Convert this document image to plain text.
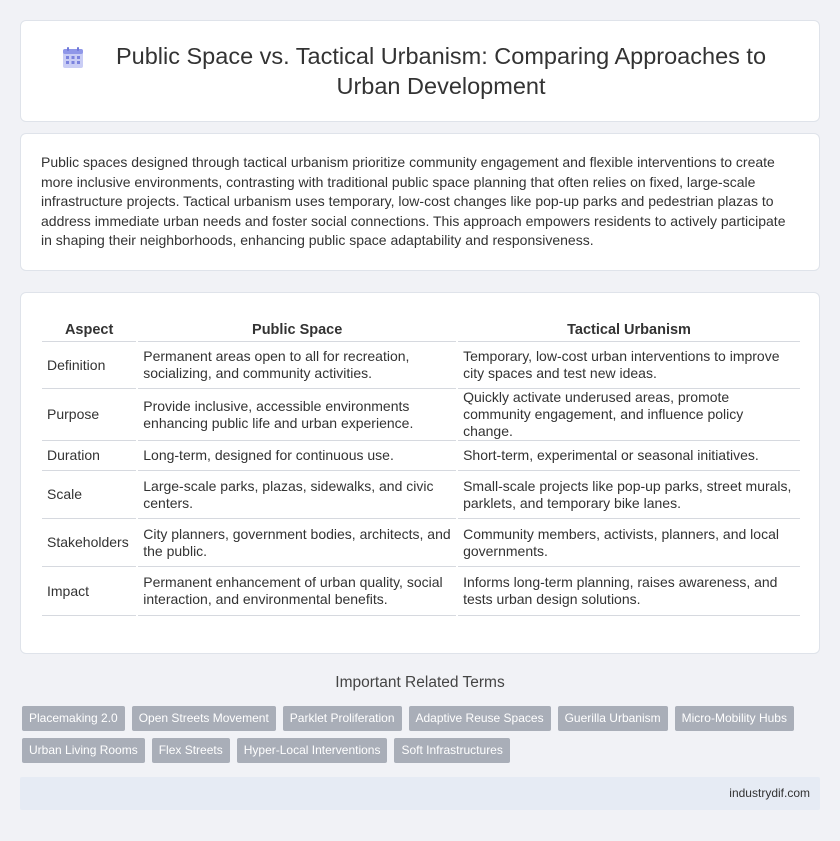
Public Space vs. Tactical Urbanism: Comparing Approaches to Urban Development

Public spaces designed through tactical urbanism prioritize community engagement and flexible interventions to create more inclusive environments, contrasting with traditional public space planning that often relies on fixed, large-scale infrastructure projects. Tactical urbanism uses temporary, low-cost changes like pop-up parks and pedestrian plazas to address immediate urban needs and foster social connections. This approach empowers residents to actively participate in shaping their neighborhoods, enhancing public space adaptability and responsiveness.

Aspect	Public Space	Tactical Urbanism
Definition	Permanent areas open to all for recreation, socializing, and community activities.	Temporary, low-cost urban interventions to improve city spaces and test new ideas.
Purpose	Provide inclusive, accessible environments enhancing public life and urban experience.	Quickly activate underused areas, promote community engagement, and influence policy change.
Duration	Long-term, designed for continuous use.	Short-term, experimental or seasonal initiatives.
Scale	Large-scale parks, plazas, sidewalks, and civic centers.	Small-scale projects like pop-up parks, street murals, parklets, and temporary bike lanes.
Stakeholders	City planners, government bodies, architects, and the public.	Community members, activists, planners, and local governments.
Impact	Permanent enhancement of urban quality, social interaction, and environmental benefits.	Informs long-term planning, raises awareness, and tests urban design solutions.
Important Related Terms
Placemaking 2.0	Open Streets Movement	Parklet Proliferation	Adaptive Reuse Spaces	Guerilla Urbanism	Micro-Mobility Hubs
Urban Living Rooms	Flex Streets	Hyper-Local Interventions	Soft Infrastructures
industrydif.com
